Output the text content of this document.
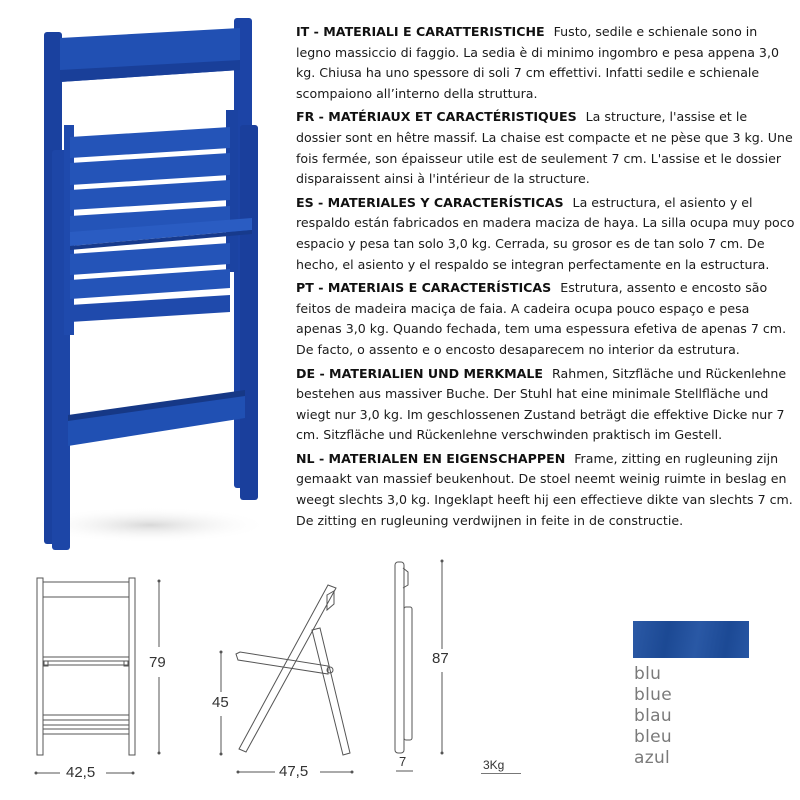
IT - MATERIALI E CARATTERISTICHE Fusto, sedile e schienale sono in legno massiccio di faggio. La sedia è di minimo ingombro e pesa appena 3,0 kg. Chiusa ha uno spessore di soli 7 cm effettivi. Infatti sedile e schienale scompaiono all’interno della struttura.
FR - MATÉRIAUX ET CARACTÉRISTIQUES La structure, l'assise et le dossier sont en hêtre massif. La chaise est compacte et ne pèse que 3 kg. Une fois fermée, son épaisseur utile est de seulement 7 cm. L'assise et le dossier disparaissent ainsi à l'intérieur de la structure.
ES - MATERIALES Y CARACTERÍSTICAS La estructura, el asiento y el respaldo están fabricados en madera maciza de haya. La silla ocupa muy poco espacio y pesa tan solo 3,0 kg. Cerrada, su grosor es de tan solo 7 cm. De hecho, el asiento y el respaldo se integran perfectamente en la estructura.
PT - MATERIAIS E CARACTERÍSTICAS Estrutura, assento e encosto são feitos de madeira maciça de faia. A cadeira ocupa pouco espaço e pesa apenas 3,0 kg. Quando fechada, tem uma espessura efetiva de apenas 7 cm. De facto, o assento e o encosto desaparecem no interior da estrutura.
DE - MATERIALIEN UND MERKMALE Rahmen, Sitzfläche und Rückenlehne bestehen aus massiver Buche. Der Stuhl hat eine minimale Stellfläche und wiegt nur 3,0 kg. Im geschlossenen Zustand beträgt die effektive Dicke nur 7 cm. Sitzfläche und Rückenlehne verschwinden praktisch im Gestell.
NL - MATERIALEN EN EIGENSCHAPPEN Frame, zitting en rugleuning zijn gemaakt van massief beukenhout. De stoel neemt weinig ruimte in beslag en weegt slechts 3,0 kg. Ingeklapt heeft hij een effectieve dikte van slechts 7 cm. De zitting en rugleuning verdwijnen in feite in de constructie.
79
42,5
45
47,5
87
7	3Kg
blu
blue
blau
bleu
azul
